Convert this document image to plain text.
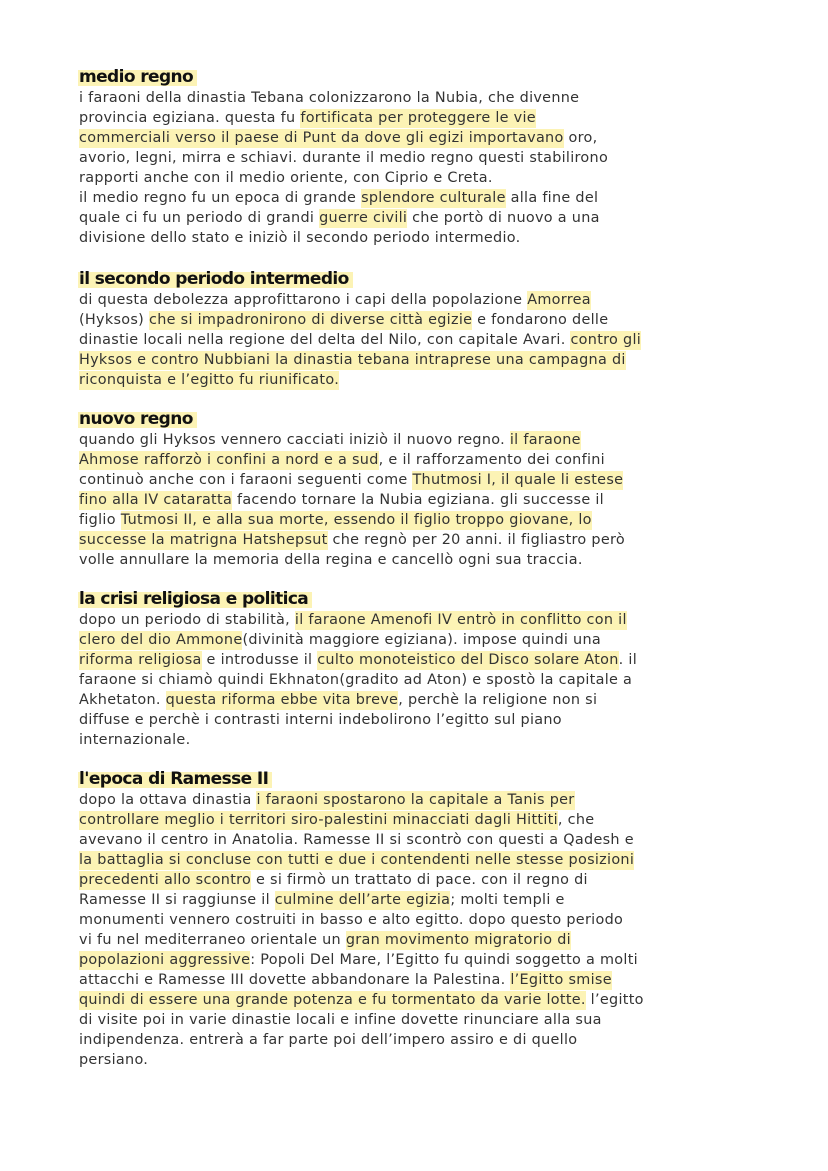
medio regno

i faraoni della dinastia Tebana colonizzarono la Nubia, che divenne
provincia egiziana. questa fu fortificata per proteggere le vie
commerciali verso il paese di Punt da dove gli egizi importavano oro,
avorio, legni, mirra e schiavi. durante il medio regno questi stabilirono
rapporti anche con il medio oriente, con Ciprio e Creta.
il medio regno fu un epoca di grande splendore culturale alla fine del
quale ci fu un periodo di grandi guerre civili che portò di nuovo a una
divisione dello stato e iniziò il secondo periodo intermedio.

il secondo periodo intermedio

di questa debolezza approfittarono i capi della popolazione Amorrea
(Hyksos) che si impadronirono di diverse città egizie e fondarono delle
dinastie locali nella regione del delta del Nilo, con capitale Avari. contro gli
Hyksos e contro Nubbiani la dinastia tebana intraprese una campagna di
riconquista e l’egitto fu riunificato.

nuovo regno

quando gli Hyksos vennero cacciati iniziò il nuovo regno. il faraone
Ahmose rafforzò i confini a nord e a sud, e il rafforzamento dei confini
continuò anche con i faraoni seguenti come Thutmosi I, il quale li estese
fino alla IV cataratta facendo tornare la Nubia egiziana. gli successe il
figlio Tutmosi II, e alla sua morte, essendo il figlio troppo giovane, lo
successe la matrigna Hatshepsut che regnò per 20 anni. il figliastro però
volle annullare la memoria della regina e cancellò ogni sua traccia.

la crisi religiosa e politica

dopo un periodo di stabilità, il faraone Amenofi IV entrò in conflitto con il
clero del dio Ammone(divinità maggiore egiziana). impose quindi una
riforma religiosa e introdusse il culto monoteistico del Disco solare Aton. il
faraone si chiamò quindi Ekhnaton(gradito ad Aton) e spostò la capitale a
Akhetaton. questa riforma ebbe vita breve, perchè la religione non si
diffuse e perchè i contrasti interni indebolirono l’egitto sul piano
internazionale.

l'epoca di Ramesse II

dopo la ottava dinastia i faraoni spostarono la capitale a Tanis per
controllare meglio i territori siro-palestini minacciati dagli Hittiti, che
avevano il centro in Anatolia. Ramesse II si scontrò con questi a Qadesh e
la battaglia si concluse con tutti e due i contendenti nelle stesse posizioni
precedenti allo scontro e si firmò un trattato di pace. con il regno di
Ramesse II si raggiunse il culmine dell’arte egizia; molti templi e
monumenti vennero costruiti in basso e alto egitto. dopo questo periodo
vi fu nel mediterraneo orientale un gran movimento migratorio di
popolazioni aggressive: Popoli Del Mare, l’Egitto fu quindi soggetto a molti
attacchi e Ramesse III dovette abbandonare la Palestina. l’Egitto smise
quindi di essere una grande potenza e fu tormentato da varie lotte. l’egitto
di visite poi in varie dinastie locali e infine dovette rinunciare alla sua
indipendenza. entrerà a far parte poi dell’impero assiro e di quello
persiano.
